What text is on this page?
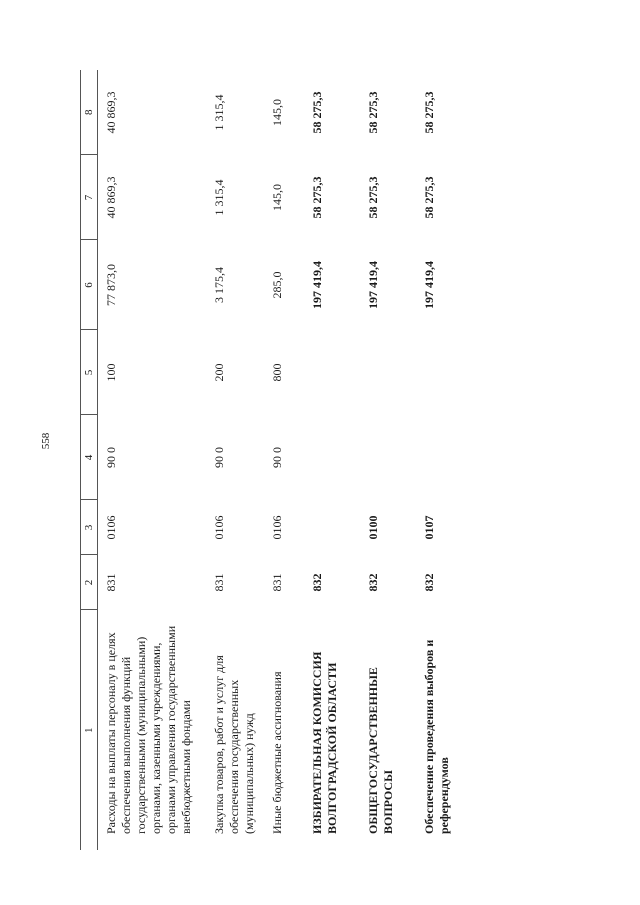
558
1	2	3	4	5	6	7	8
Расходы на выплаты персоналу в целях обеспечения выполнения функций государственными (муниципальными) органами, казенными учреждениями, органами управления государственными внебюджетными фондами	831	0106	90 0	100	77 873,0	40 869,3	40 869,3
Закупка товаров, работ и услуг для обеспечения государственных (муниципальных) нужд	831	0106	90 0	200	3 175,4	1 315,4	1 315,4
Иные бюджетные ассигнования	831	0106	90 0	800	285,0	145,0	145,0
ИЗБИРАТЕЛЬНАЯ КОМИССИЯ ВОЛГОГРАДСКОЙ ОБЛАСТИ	832				197 419,4	58 275,3	58 275,3
ОБЩЕГОСУДАРСТВЕННЫЕ ВОПРОСЫ	832	0100			197 419,4	58 275,3	58 275,3
Обеспечение проведения выборов и референдумов	832	0107			197 419,4	58 275,3	58 275,3
